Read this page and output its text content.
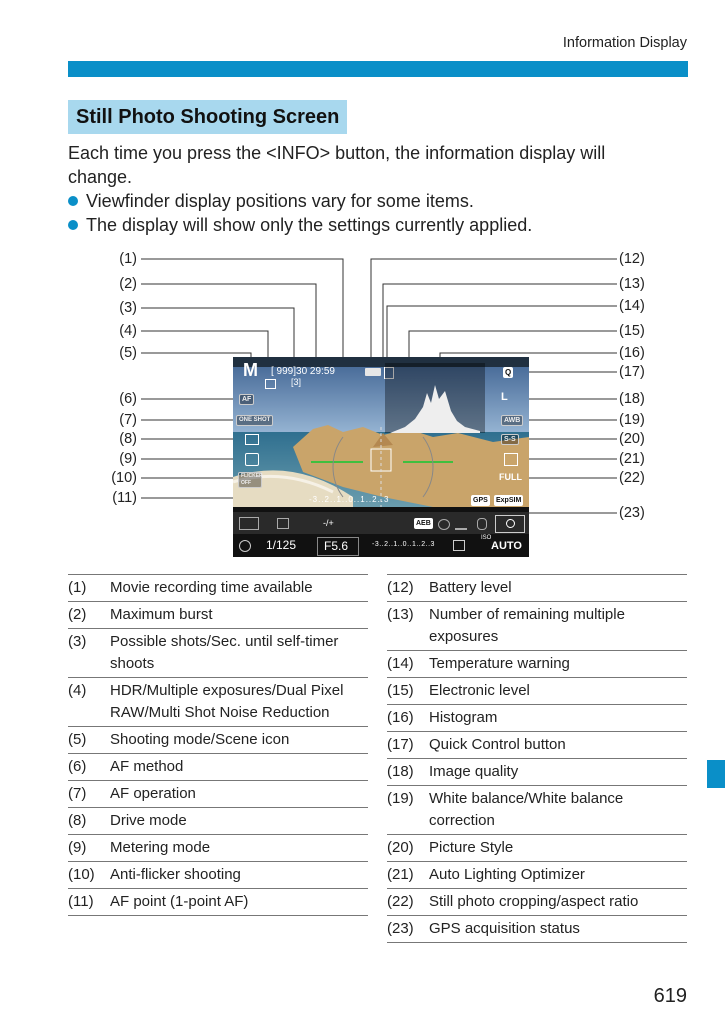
Information Display
Still Photo Shooting Screen
Each time you press the <INFO> button, the information display will
change.
Viewfinder display positions vary for some items.
The display will show only the settings currently applied.
(1)
(2)
(3)
(4)
(5)
(6)
(7)
(8)
(9)
(10)
(11)
(12)
(13)
(14)
(15)
(16)
(17)
(18)
(19)
(20)
(21)
(22)
(23)
M [ 999]30 29:59
[3]
AF
ONE SHOT
FLICKER OFF
Q
L
AWB
S-S
FULL
-3..2..1..0..1..2..3	GPS ExpSIM
-/+	AEB
1/125 F5.6	-3..2..1..0..1..2..3
ISO
AUTO
(1)	Movie recording time available
(2)	Maximum burst
(3)	Possible shots/Sec. until self-timer shoots
(4)	HDR/Multiple exposures/Dual Pixel RAW/Multi Shot Noise Reduction
(5)	Shooting mode/Scene icon
(6)	AF method
(7)	AF operation
(8)	Drive mode
(9)	Metering mode
(10)	Anti-flicker shooting
(11)	AF point (1-point AF)
(12)	Battery level
(13)	Number of remaining multiple exposures
(14)	Temperature warning
(15)	Electronic level
(16)	Histogram
(17)	Quick Control button
(18)	Image quality
(19)	White balance/White balance correction
(20)	Picture Style
(21)	Auto Lighting Optimizer
(22)	Still photo cropping/aspect ratio
(23)	GPS acquisition status
619
